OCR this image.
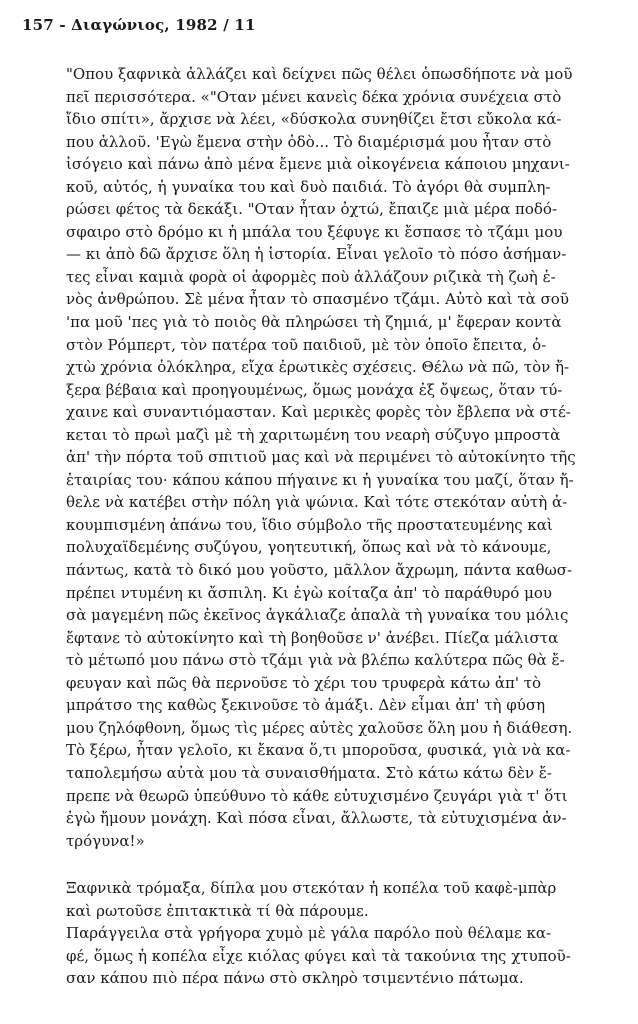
157 - Διαγώνιος, 1982 / 11
"Οπου ξαφνικὰ ἀλλάζει καὶ δείχνει πῶς θέλει ὁπωσδήποτε νὰ μοῦ
πεῖ περισσότερα. «"Οταν μένει κανεὶς δέκα χρόνια συνέχεια στὸ
ἴδιο σπίτι», ἄρχισε νὰ λέει, «δύσκολα συνηθίζει ἔτσι εὔκολα κά-
που ἀλλοῦ. 'Εγὼ ἔμενα στὴν ὁδὸ... Τὸ διαμέρισμά μου ἦταν στὸ
ἰσόγειο καὶ πάνω ἀπὸ μένα ἔμενε μιὰ οἰκογένεια κάποιου μηχανι-
κοῦ, αὐτός, ἡ γυναίκα του καὶ δυὸ παιδιά. Τὸ ἀγόρι θὰ συμπλη-
ρώσει φέτος τὰ δεκάξι. "Οταν ἦταν ὀχτώ, ἔπαιζε μιὰ μέρα ποδό-
σφαιρο στὸ δρόμο κι ἡ μπάλα του ξέφυγε κι ἔσπασε τὸ τζάμι μου
— κι ἀπὸ δῶ ἄρχισε ὅλη ἡ ἱστορία. Εἶναι γελοῖο τὸ πόσο ἀσήμαν-
τες εἶναι καμιὰ φορὰ οἱ ἀφορμὲς ποὺ ἀλλάζουν ριζικὰ τὴ ζωὴ ἑ-
νὸς ἀνθρώπου. Σὲ μένα ἦταν τὸ σπασμένο τζάμι. Αὐτὸ καὶ τὰ σοῦ
'πα μοῦ 'πες γιὰ τὸ ποιὸς θὰ πληρώσει τὴ ζημιά, μ' ἔφεραν κοντὰ
στὸν Ρόμπερτ, τὸν πατέρα τοῦ παιδιοῦ, μὲ τὸν ὁποῖο ἔπειτα, ὀ-
χτὼ χρόνια ὁλόκληρα, εἴχα ἐρωτικὲς σχέσεις. Θέλω νὰ πῶ, τὸν ἤ-
ξερα βέβαια καὶ προηγουμένως, ὅμως μονάχα ἐξ ὄψεως, ὅταν τύ-
χαινε καὶ συναντιόμασταν. Καὶ μερικὲς φορὲς τὸν ἔβλεπα νὰ στέ-
κεται τὸ πρωὶ μαζὶ μὲ τὴ χαριτωμένη του νεαρὴ σύζυγο μπροστὰ
ἀπ' τὴν πόρτα τοῦ σπιτιοῦ μας καὶ νὰ περιμένει τὸ αὐτοκίνητο τῆς
ἑταιρίας του· κάπου κάπου πήγαινε κι ἡ γυναίκα του μαζί, ὅταν ἤ-
θελε νὰ κατέβει στὴν πόλη γιὰ ψώνια. Καὶ τότε στεκόταν αὐτὴ ἀ-
κουμπισμένη ἀπάνω του, ἴδιο σύμβολο τῆς προστατευμένης καὶ
πολυχαϊδεμένης συζύγου, γοητευτική, ὅπως καὶ νὰ τὸ κάνουμε,
πάντως, κατὰ τὸ δικό μου γοῦστο, μᾶλλον ἄχρωμη, πάντα καθωσ-
πρέπει ντυμένη κι ἄσπιλη. Κι ἐγὼ κοίταζα ἀπ' τὸ παράθυρό μου
σὰ μαγεμένη πῶς ἐκεῖνος ἀγκάλιαζε ἀπαλὰ τὴ γυναίκα του μόλις
ἔφτανε τὸ αὐτοκίνητο καὶ τὴ βοηθοῦσε ν' ἀνέβει. Πίεζα μάλιστα
τὸ μέτωπό μου πάνω στὸ τζάμι γιὰ νὰ βλέπω καλύτερα πῶς θὰ ἔ-
φευγαν καὶ πῶς θὰ περνοῦσε τὸ χέρι του τρυφερὰ κάτω ἀπ' τὸ
μπράτσο της καθὼς ξεκινοῦσε τὸ ἁμάξι. Δὲν εἶμαι ἀπ' τὴ φύση
μου ζηλόφθονη, ὅμως τὶς μέρες αὐτὲς χαλοῦσε ὅλη μου ἡ διάθεση.
Τὸ ξέρω, ἦταν γελοῖο, κι ἔκανα ὅ,τι μποροῦσα, φυσικά, γιὰ νὰ κα-
ταπολεμήσω αὐτὰ μου τὰ συναισθήματα. Στὸ κάτω κάτω δὲν ἔ-
πρεπε νὰ θεωρῶ ὑπεύθυνο τὸ κάθε εὐτυχισμένο ζευγάρι γιὰ τ' ὅτι
ἐγὼ ἤμουν μονάχη. Καὶ πόσα εἶναι, ἄλλωστε, τὰ εὐτυχισμένα ἀν-
τρόγυνα!»
Ξαφνικὰ τρόμαξα, δίπλα μου στεκόταν ἡ κοπέλα τοῦ καφὲ-μπὰρ
καὶ ρωτοῦσε ἐπιτακτικὰ τί θὰ πάρουμε.
Παράγγειλα στὰ γρήγορα χυμὸ μὲ γάλα παρόλο ποὺ θέλαμε κα-
φέ, ὅμως ἡ κοπέλα εἶχε κιόλας φύγει καὶ τὰ τακούνια της χτυποῦ-
σαν κάπου πιὸ πέρα πάνω στὸ σκληρὸ τσιμεντένιο πάτωμα.
